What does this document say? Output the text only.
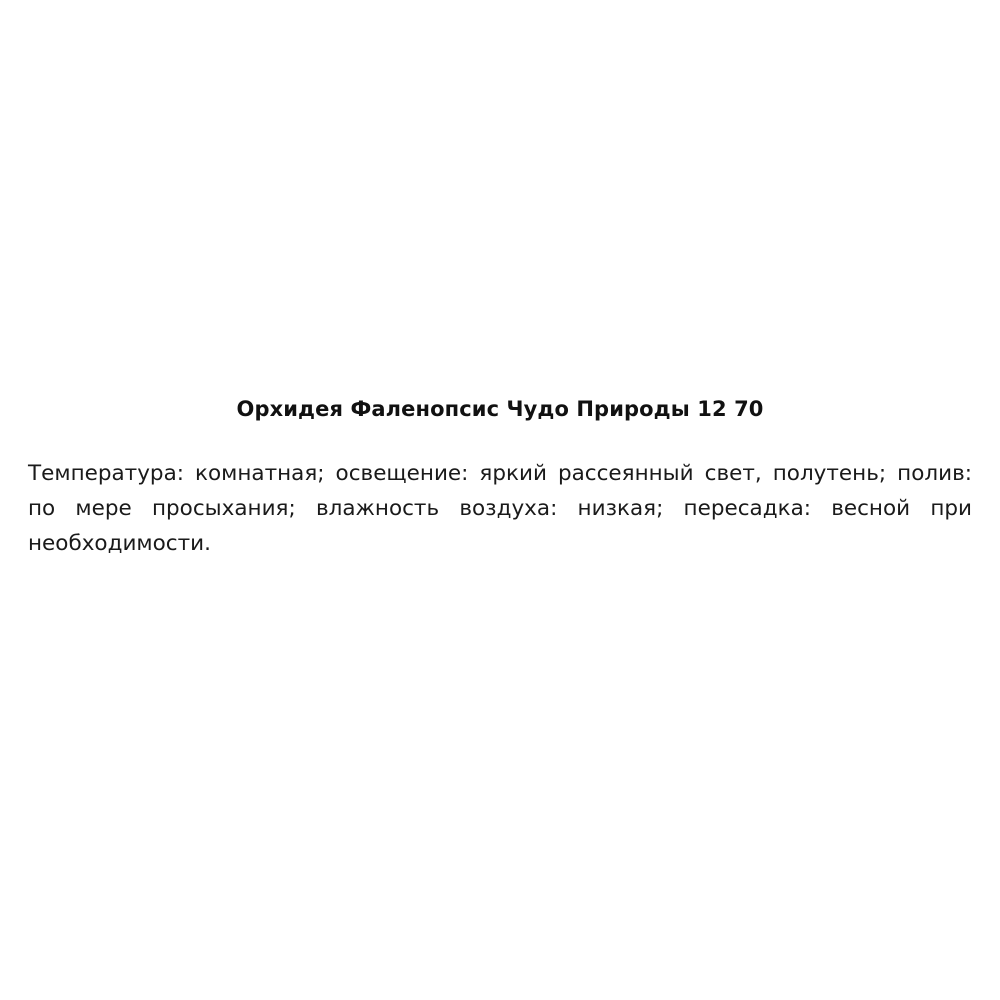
Орхидея Фаленопсис Чудо Природы 12 70

Температура: комнатная; освещение: яркий рассеянный свет, полутень; полив: по мере просыхания; влажность воздуха: низкая; пересадка: весной при необходимости.
